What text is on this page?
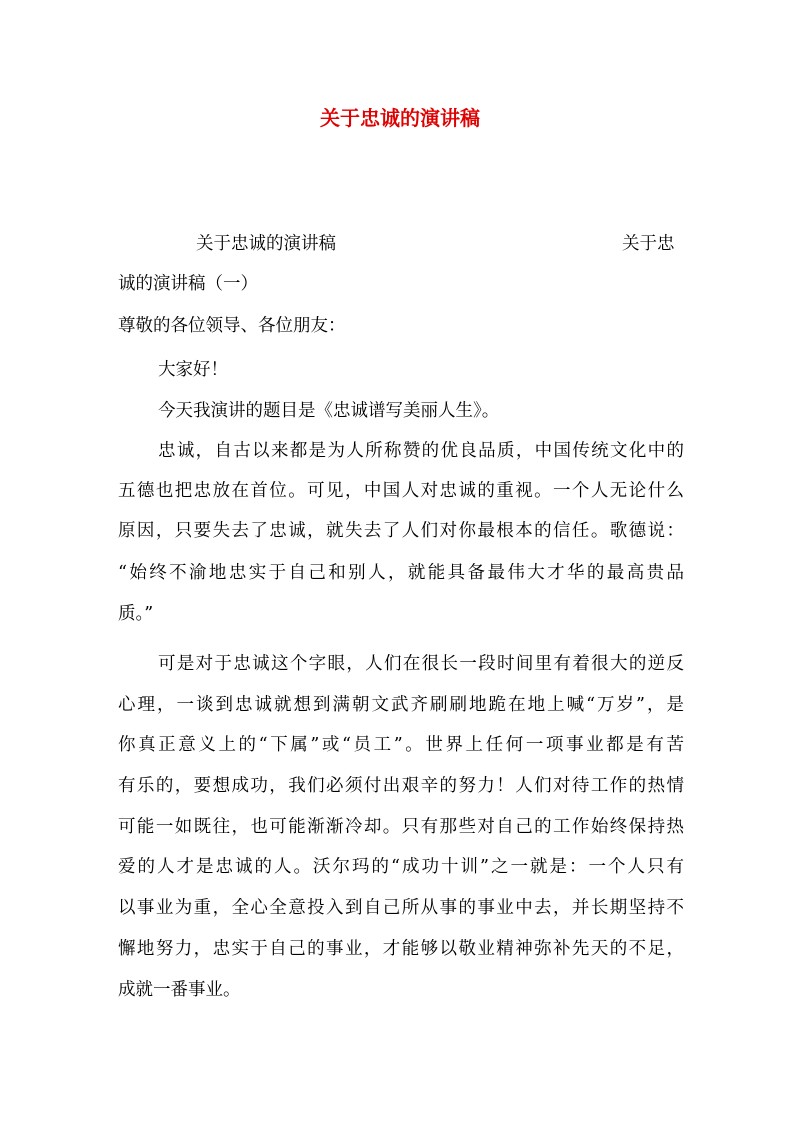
关于忠诚的演讲稿
关于忠诚的演讲稿	关于忠
诚的演讲稿（一）
尊敬的各位领导、各位朋友：
大家好！
今天我演讲的题目是《忠诚谱写美丽人生》。
忠诚，自古以来都是为人所称赞的优良品质，中国传统文化中的
五德也把忠放在首位。可见，中国人对忠诚的重视。一个人无论什么
原因，只要失去了忠诚，就失去了人们对你最根本的信任。歌德说：
“始终不渝地忠实于自己和别人，就能具备最伟大才华的最高贵品
质。”
可是对于忠诚这个字眼，人们在很长一段时间里有着很大的逆反
心理，一谈到忠诚就想到满朝文武齐刷刷地跪在地上喊“万岁”，是
你真正意义上的“下属”或“员工”。世界上任何一项事业都是有苦
有乐的，要想成功，我们必须付出艰辛的努力！人们对待工作的热情
可能一如既往，也可能渐渐冷却。只有那些对自己的工作始终保持热
爱的人才是忠诚的人。沃尔玛的“成功十训”之一就是：一个人只有
以事业为重，全心全意投入到自己所从事的事业中去，并长期坚持不
懈地努力，忠实于自己的事业，才能够以敬业精神弥补先天的不足，
成就一番事业。
